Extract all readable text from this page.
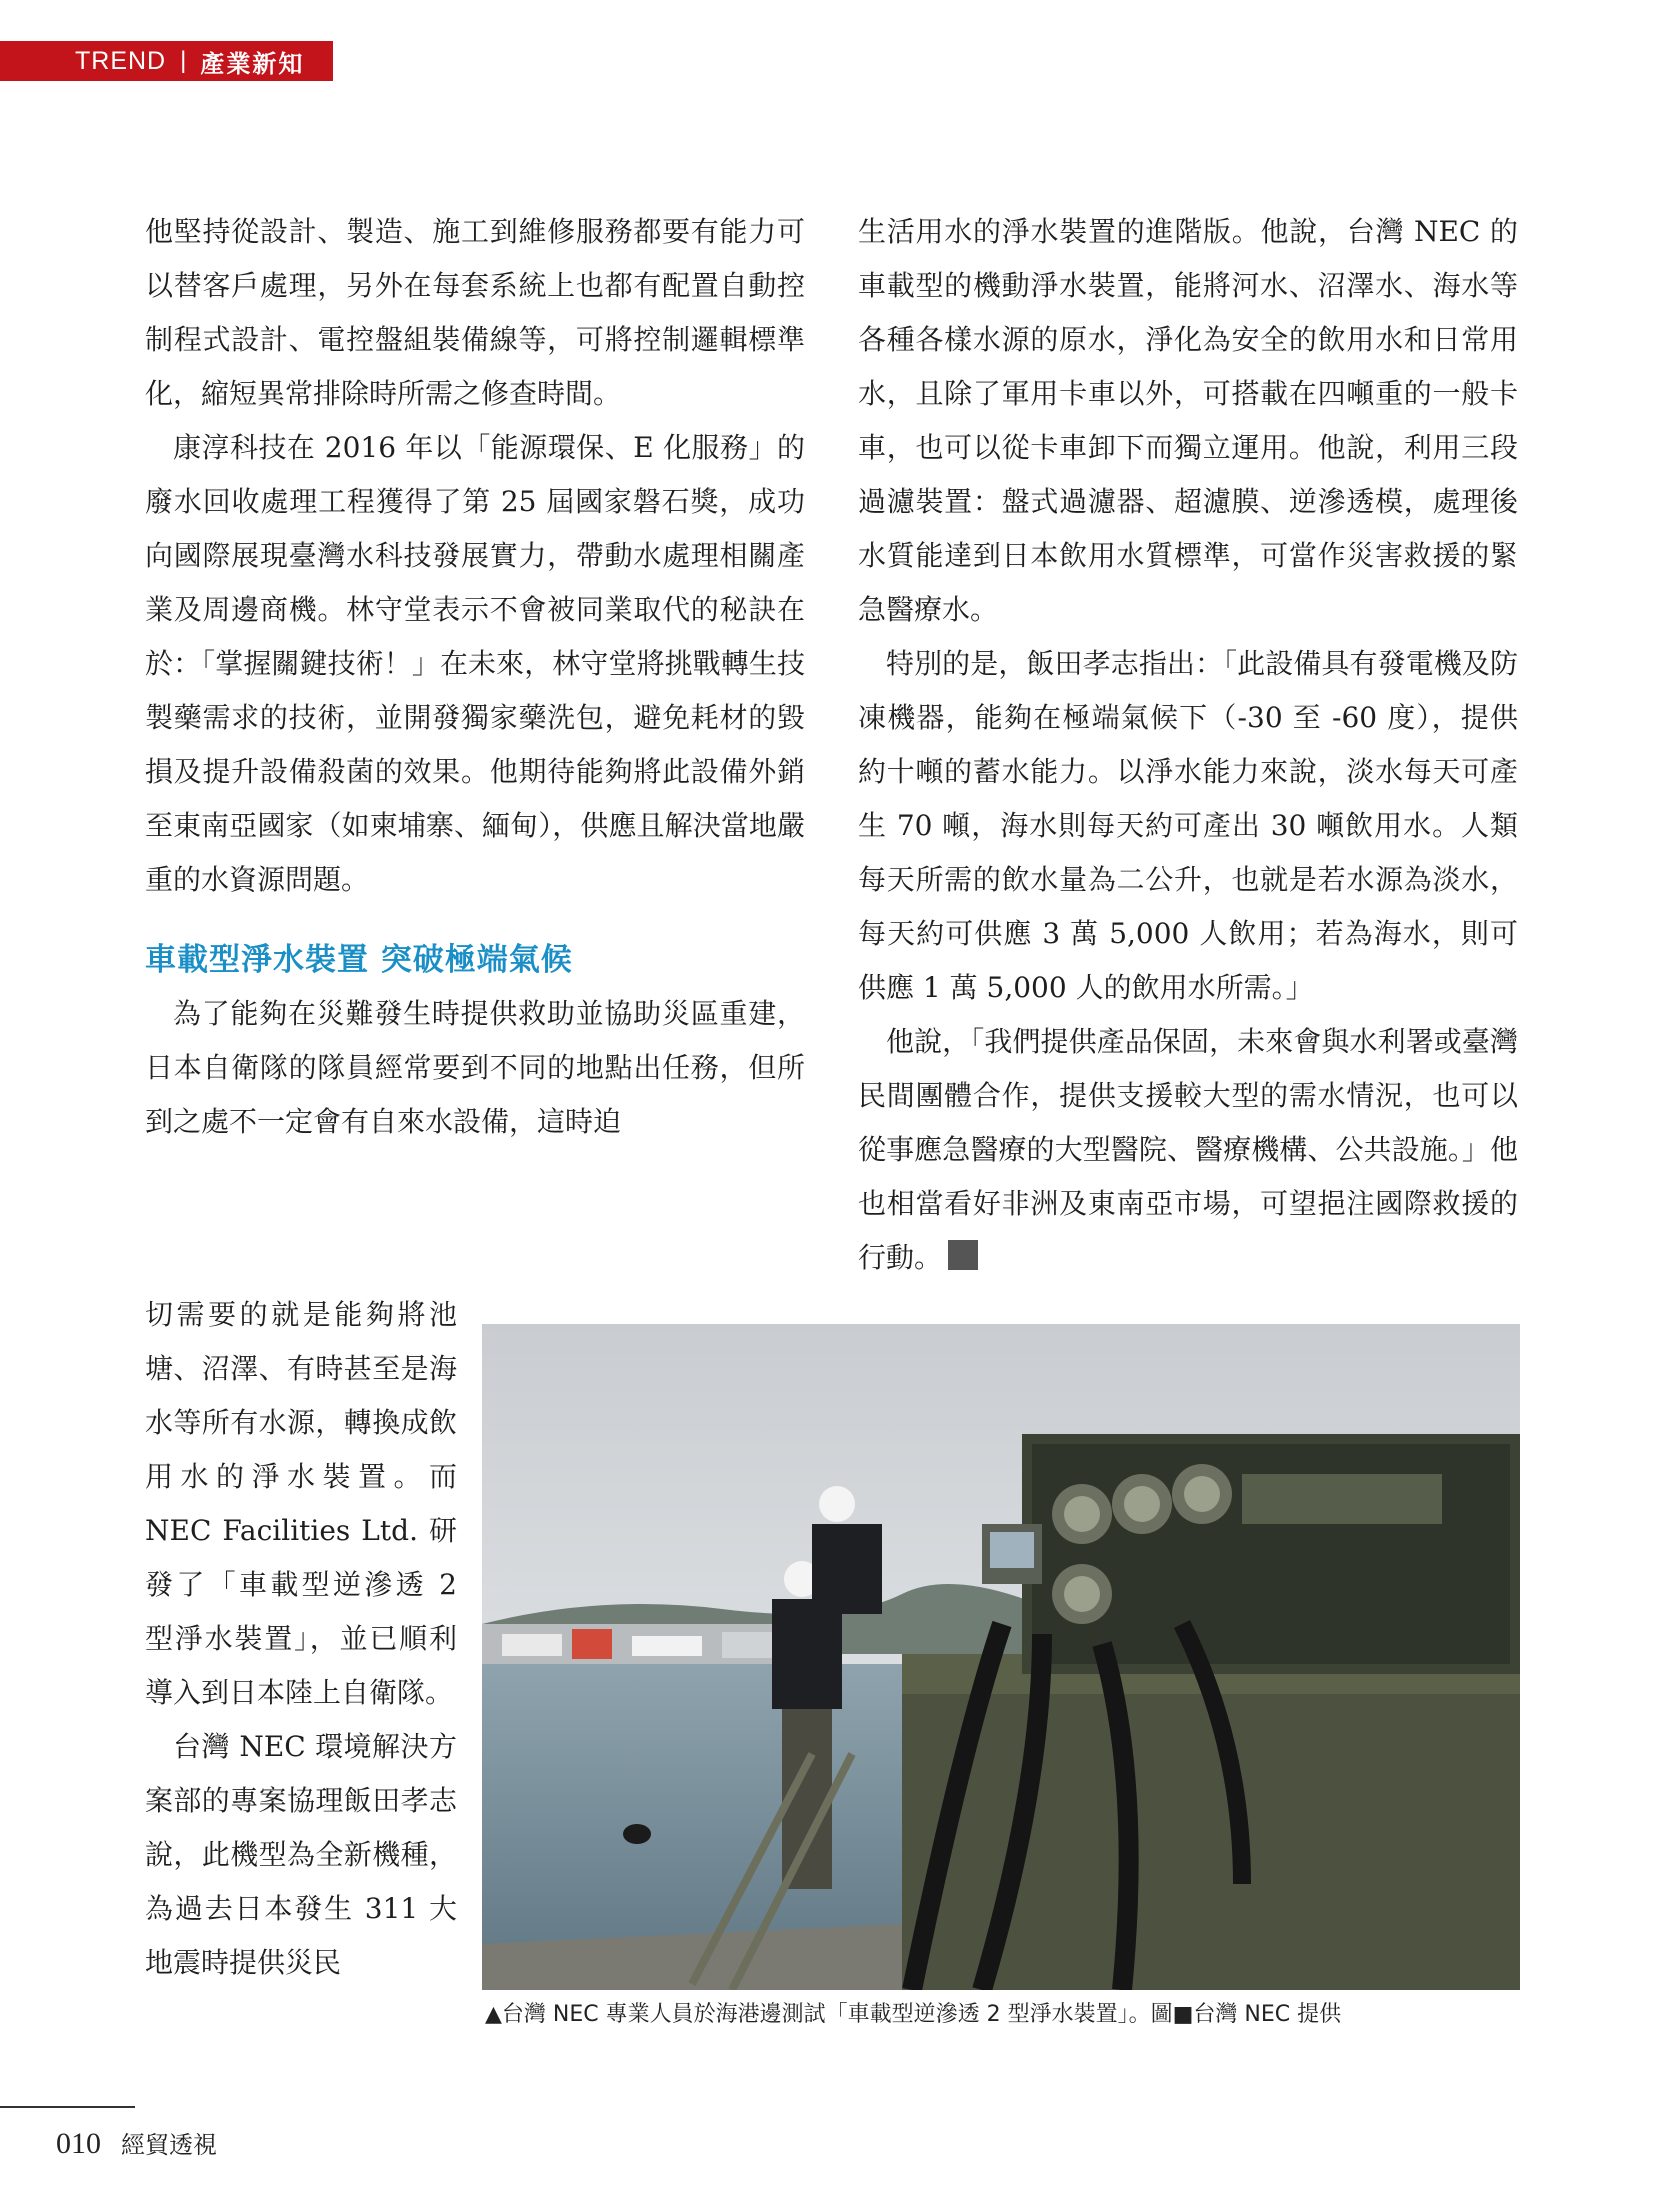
TREND | 產業新知

他堅持從設計、製造、施工到維修服務都要有能力可以替客戶處理，另外在每套系統上也都有配置自動控制程式設計、電控盤組裝備線等，可將控制邏輯標準化，縮短異常排除時所需之修查時間。

康淳科技在 2016 年以「能源環保、E 化服務」的廢水回收處理工程獲得了第 25 屆國家磐石獎，成功向國際展現臺灣水科技發展實力，帶動水處理相關產業及周邊商機。林守堂表示不會被同業取代的秘訣在於：「掌握關鍵技術！」在未來，林守堂將挑戰轉生技製藥需求的技術，並開發獨家藥洗包，避免耗材的毀損及提升設備殺菌的效果。他期待能夠將此設備外銷至東南亞國家（如柬埔寨、緬甸），供應且解決當地嚴重的水資源問題。

車載型淨水裝置 突破極端氣候

為了能夠在災難發生時提供救助並協助災區重建，日本自衛隊的隊員經常要到不同的地點出任務，但所到之處不一定會有自來水設備，這時迫

切需要的就是能夠將池塘、沼澤、有時甚至是海水等所有水源，轉換成飲用水的淨水裝置。而 NEC Facilities Ltd. 研發了「車載型逆滲透 2 型淨水裝置」，並已順利導入到日本陸上自衛隊。

台灣 NEC 環境解決方案部的專案協理飯田孝志說，此機型為全新機種，為過去日本發生 311 大地震時提供災民

生活用水的淨水裝置的進階版。他說，台灣 NEC 的車載型的機動淨水裝置，能將河水、沼澤水、海水等各種各樣水源的原水，淨化為安全的飲用水和日常用水，且除了軍用卡車以外，可搭載在四噸重的一般卡車，也可以從卡車卸下而獨立運用。他說，利用三段過濾裝置：盤式過濾器、超濾膜、逆滲透模，處理後水質能達到日本飲用水質標準，可當作災害救援的緊急醫療水。

特別的是，飯田孝志指出：「此設備具有發電機及防凍機器，能夠在極端氣候下（-30 至 -60 度），提供約十噸的蓄水能力。以淨水能力來說，淡水每天可產生 70 噸，海水則每天約可產出 30 噸飲用水。人類每天所需的飲水量為二公升，也就是若水源為淡水，每天約可供應 3 萬 5,000 人飲用；若為海水，則可供應 1 萬 5,000 人的飲用水所需。」

他說，「我們提供產品保固，未來會與水利署或臺灣民間團體合作，提供支援較大型的需水情況，也可以從事應急醫療的大型醫院、醫療機構、公共設施。」他也相當看好非洲及東南亞市場，可望挹注國際救援的行動。

▲台灣 NEC 專業人員於海港邊測試「車載型逆滲透 2 型淨水裝置」。圖■台灣 NEC 提供
010 經貿透視
